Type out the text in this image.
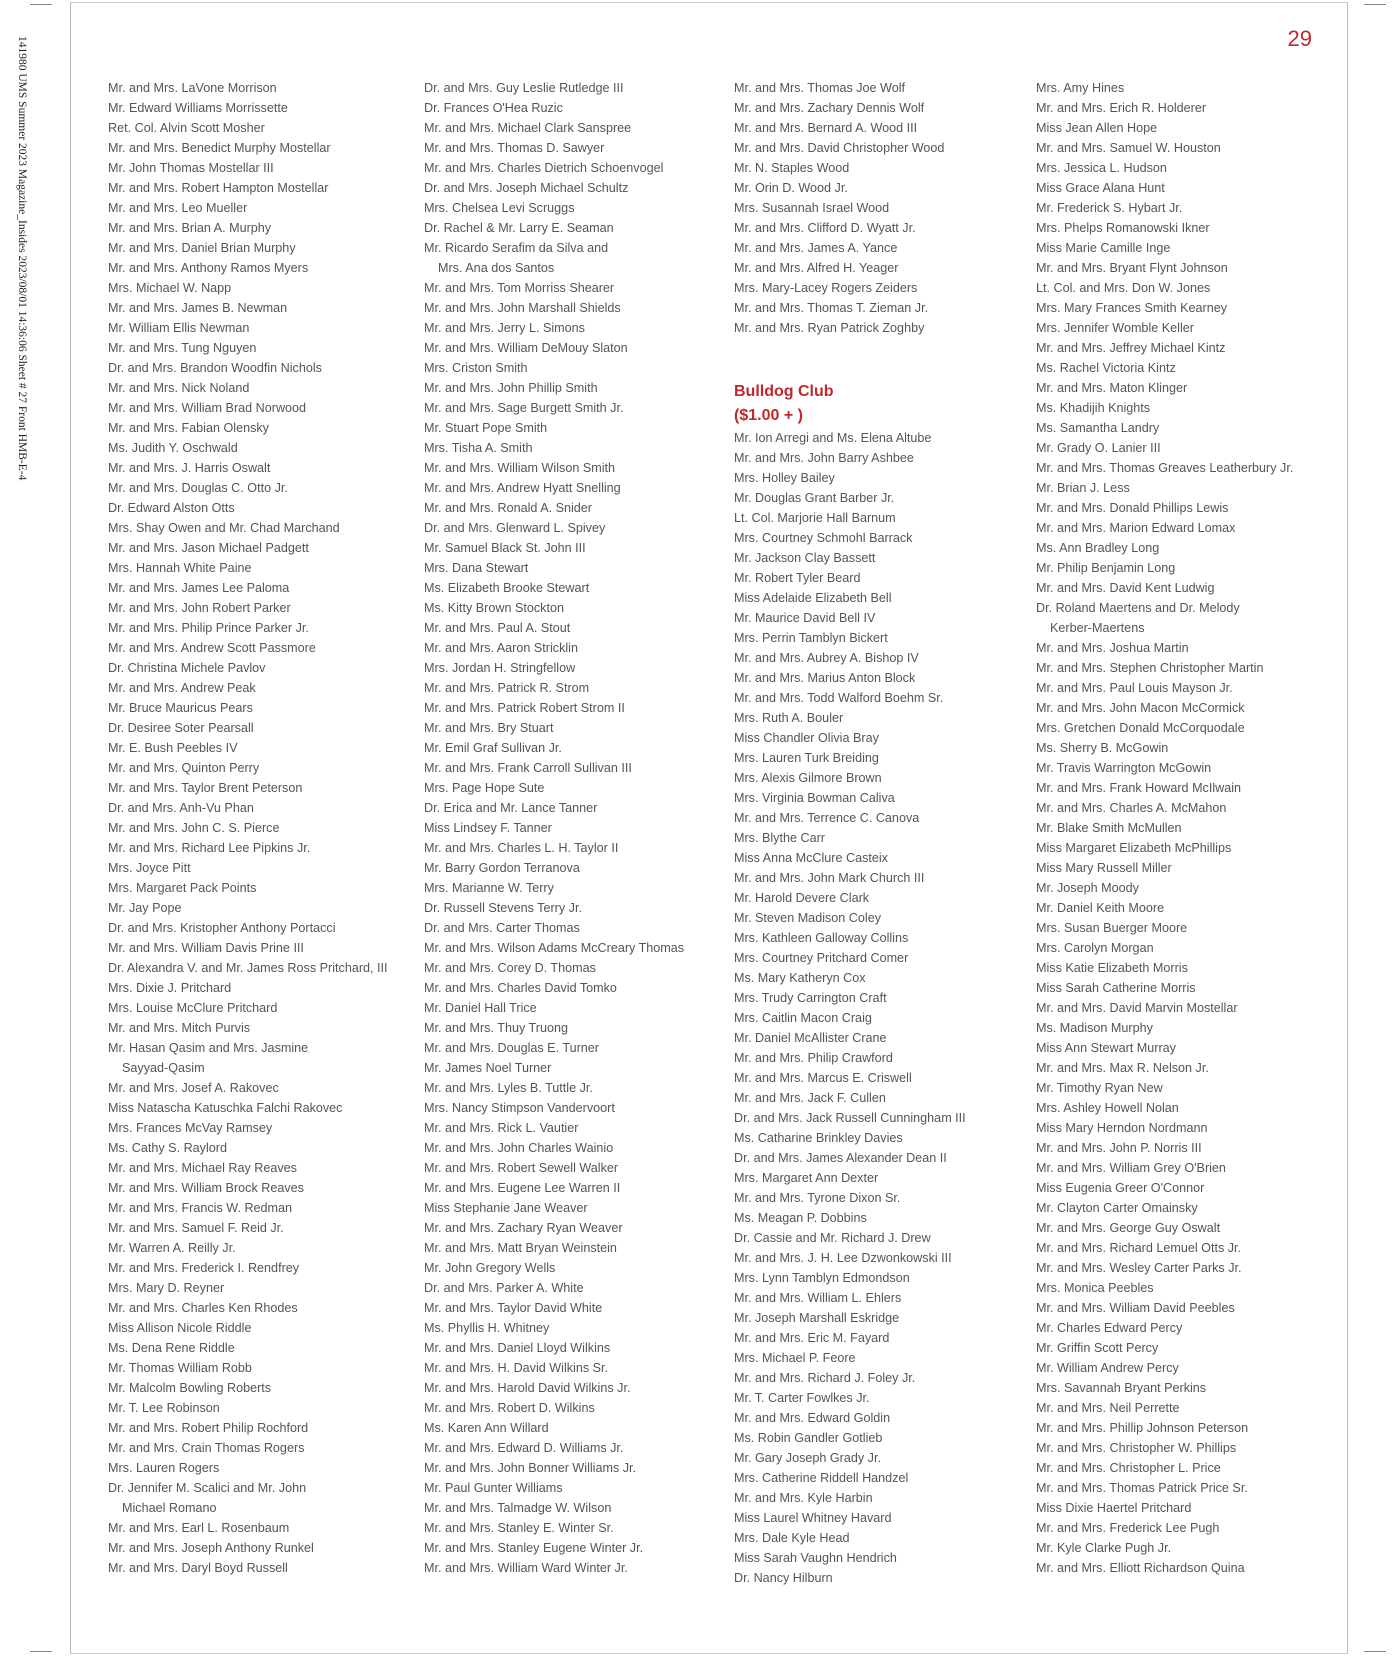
141980 UMS Summer 2023 Magazine_Insides 2023/08/01 14:36:06 Sheet # 27 Front HMB-E-4	29
Mr. and Mrs. LaVone Morrison
Mr. Edward Williams Morrissette
Ret. Col. Alvin Scott Mosher
Mr. and Mrs. Benedict Murphy Mostellar
Mr. John Thomas Mostellar III
Mr. and Mrs. Robert Hampton Mostellar
Mr. and Mrs. Leo Mueller
Mr. and Mrs. Brian A. Murphy
Mr. and Mrs. Daniel Brian Murphy
Mr. and Mrs. Anthony Ramos Myers
Mrs. Michael W. Napp
Mr. and Mrs. James B. Newman
Mr. William Ellis Newman
Mr. and Mrs. Tung Nguyen
Dr. and Mrs. Brandon Woodfin Nichols
Mr. and Mrs. Nick Noland
Mr. and Mrs. William Brad Norwood
Mr. and Mrs. Fabian Olensky
Ms. Judith Y. Oschwald
Mr. and Mrs. J. Harris Oswalt
Mr. and Mrs. Douglas C. Otto Jr.
Dr. Edward Alston Otts
Mrs. Shay Owen and Mr. Chad Marchand
Mr. and Mrs. Jason Michael Padgett
Mrs. Hannah White Paine
Mr. and Mrs. James Lee Paloma
Mr. and Mrs. John Robert Parker
Mr. and Mrs. Philip Prince Parker Jr.
Mr. and Mrs. Andrew Scott Passmore
Dr. Christina Michele Pavlov
Mr. and Mrs. Andrew Peak
Mr. Bruce Mauricus Pears
Dr. Desiree Soter Pearsall
Mr. E. Bush Peebles IV
Mr. and Mrs. Quinton Perry
Mr. and Mrs. Taylor Brent Peterson
Dr. and Mrs. Anh-Vu Phan
Mr. and Mrs. John C. S. Pierce
Mr. and Mrs. Richard Lee Pipkins Jr.
Mrs. Joyce Pitt
Mrs. Margaret Pack Points
Mr. Jay Pope
Dr. and Mrs. Kristopher Anthony Portacci
Mr. and Mrs. William Davis Prine III
Dr. Alexandra V. and Mr. James Ross Pritchard, III
Mrs. Dixie J. Pritchard
Mrs. Louise McClure Pritchard
Mr. and Mrs. Mitch Purvis
Mr. Hasan Qasim and Mrs. Jasmine
Sayyad-Qasim
Mr. and Mrs. Josef A. Rakovec
Miss Natascha Katuschka Falchi Rakovec
Mrs. Frances McVay Ramsey
Ms. Cathy S. Raylord
Mr. and Mrs. Michael Ray Reaves
Mr. and Mrs. William Brock Reaves
Mr. and Mrs. Francis W. Redman
Mr. and Mrs. Samuel F. Reid Jr.
Mr. Warren A. Reilly Jr.
Mr. and Mrs. Frederick I. Rendfrey
Mrs. Mary D. Reyner
Mr. and Mrs. Charles Ken Rhodes
Miss Allison Nicole Riddle
Ms. Dena Rene Riddle
Mr. Thomas William Robb
Mr. Malcolm Bowling Roberts
Mr. T. Lee Robinson
Mr. and Mrs. Robert Philip Rochford
Mr. and Mrs. Crain Thomas Rogers
Mrs. Lauren Rogers
Dr. Jennifer M. Scalici and Mr. John
Michael Romano
Mr. and Mrs. Earl L. Rosenbaum
Mr. and Mrs. Joseph Anthony Runkel
Mr. and Mrs. Daryl Boyd Russell
Dr. and Mrs. Guy Leslie Rutledge III
Dr. Frances O'Hea Ruzic
Mr. and Mrs. Michael Clark Sanspree
Mr. and Mrs. Thomas D. Sawyer
Mr. and Mrs. Charles Dietrich Schoenvogel
Dr. and Mrs. Joseph Michael Schultz
Mrs. Chelsea Levi Scruggs
Dr. Rachel & Mr. Larry E. Seaman
Mr. Ricardo Serafim da Silva and
Mrs. Ana dos Santos
Mr. and Mrs. Tom Morriss Shearer
Mr. and Mrs. John Marshall Shields
Mr. and Mrs. Jerry L. Simons
Mr. and Mrs. William DeMouy Slaton
Mrs. Criston Smith
Mr. and Mrs. John Phillip Smith
Mr. and Mrs. Sage Burgett Smith Jr.
Mr. Stuart Pope Smith
Mrs. Tisha A. Smith
Mr. and Mrs. William Wilson Smith
Mr. and Mrs. Andrew Hyatt Snelling
Mr. and Mrs. Ronald A. Snider
Dr. and Mrs. Glenward L. Spivey
Mr. Samuel Black St. John III
Mrs. Dana Stewart
Ms. Elizabeth Brooke Stewart
Ms. Kitty Brown Stockton
Mr. and Mrs. Paul A. Stout
Mr. and Mrs. Aaron Stricklin
Mrs. Jordan H. Stringfellow
Mr. and Mrs. Patrick R. Strom
Mr. and Mrs. Patrick Robert Strom II
Mr. and Mrs. Bry Stuart
Mr. Emil Graf Sullivan Jr.
Mr. and Mrs. Frank Carroll Sullivan III
Mrs. Page Hope Sute
Dr. Erica and Mr. Lance Tanner
Miss Lindsey F. Tanner
Mr. and Mrs. Charles L. H. Taylor II
Mr. Barry Gordon Terranova
Mrs. Marianne W. Terry
Dr. Russell Stevens Terry Jr.
Dr. and Mrs. Carter Thomas
Mr. and Mrs. Wilson Adams McCreary Thomas
Mr. and Mrs. Corey D. Thomas
Mr. and Mrs. Charles David Tomko
Mr. Daniel Hall Trice
Mr. and Mrs. Thuy Truong
Mr. and Mrs. Douglas E. Turner
Mr. James Noel Turner
Mr. and Mrs. Lyles B. Tuttle Jr.
Mrs. Nancy Stimpson Vandervoort
Mr. and Mrs. Rick L. Vautier
Mr. and Mrs. John Charles Wainio
Mr. and Mrs. Robert Sewell Walker
Mr. and Mrs. Eugene Lee Warren II
Miss Stephanie Jane Weaver
Mr. and Mrs. Zachary Ryan Weaver
Mr. and Mrs. Matt Bryan Weinstein
Mr. John Gregory Wells
Dr. and Mrs. Parker A. White
Mr. and Mrs. Taylor David White
Ms. Phyllis H. Whitney
Mr. and Mrs. Daniel Lloyd Wilkins
Mr. and Mrs. H. David Wilkins Sr.
Mr. and Mrs. Harold David Wilkins Jr.
Mr. and Mrs. Robert D. Wilkins
Ms. Karen Ann Willard
Mr. and Mrs. Edward D. Williams Jr.
Mr. and Mrs. John Bonner Williams Jr.
Mr. Paul Gunter Williams
Mr. and Mrs. Talmadge W. Wilson
Mr. and Mrs. Stanley E. Winter Sr.
Mr. and Mrs. Stanley Eugene Winter Jr.
Mr. and Mrs. William Ward Winter Jr.
Mr. and Mrs. Thomas Joe Wolf
Mr. and Mrs. Zachary Dennis Wolf
Mr. and Mrs. Bernard A. Wood III
Mr. and Mrs. David Christopher Wood
Mr. N. Staples Wood
Mr. Orin D. Wood Jr.
Mrs. Susannah Israel Wood
Mr. and Mrs. Clifford D. Wyatt Jr.
Mr. and Mrs. James A. Yance
Mr. and Mrs. Alfred H. Yeager
Mrs. Mary-Lacey Rogers Zeiders
Mr. and Mrs. Thomas T. Zieman Jr.
Mr. and Mrs. Ryan Patrick Zoghby
Bulldog Club
($1.00 + )
Mr. Ion Arregi and Ms. Elena Altube
Mr. and Mrs. John Barry Ashbee
Mrs. Holley Bailey
Mr. Douglas Grant Barber Jr.
Lt. Col. Marjorie Hall Barnum
Mrs. Courtney Schmohl Barrack
Mr. Jackson Clay Bassett
Mr. Robert Tyler Beard
Miss Adelaide Elizabeth Bell
Mr. Maurice David Bell IV
Mrs. Perrin Tamblyn Bickert
Mr. and Mrs. Aubrey A. Bishop IV
Mr. and Mrs. Marius Anton Block
Mr. and Mrs. Todd Walford Boehm Sr.
Mrs. Ruth A. Bouler
Miss Chandler Olivia Bray
Mrs. Lauren Turk Breiding
Mrs. Alexis Gilmore Brown
Mrs. Virginia Bowman Caliva
Mr. and Mrs. Terrence C. Canova
Mrs. Blythe Carr
Miss Anna McClure Casteix
Mr. and Mrs. John Mark Church III
Mr. Harold Devere Clark
Mr. Steven Madison Coley
Mrs. Kathleen Galloway Collins
Mrs. Courtney Pritchard Comer
Ms. Mary Katheryn Cox
Mrs. Trudy Carrington Craft
Mrs. Caitlin Macon Craig
Mr. Daniel McAllister Crane
Mr. and Mrs. Philip Crawford
Mr. and Mrs. Marcus E. Criswell
Mr. and Mrs. Jack F. Cullen
Dr. and Mrs. Jack Russell Cunningham III
Ms. Catharine Brinkley Davies
Dr. and Mrs. James Alexander Dean II
Mrs. Margaret Ann Dexter
Mr. and Mrs. Tyrone Dixon Sr.
Ms. Meagan P. Dobbins
Dr. Cassie and Mr. Richard J. Drew
Mr. and Mrs. J. H. Lee Dzwonkowski III
Mrs. Lynn Tamblyn Edmondson
Mr. and Mrs. William L. Ehlers
Mr. Joseph Marshall Eskridge
Mr. and Mrs. Eric M. Fayard
Mrs. Michael P. Feore
Mr. and Mrs. Richard J. Foley Jr.
Mr. T. Carter Fowlkes Jr.
Mr. and Mrs. Edward Goldin
Ms. Robin Gandler Gotlieb
Mr. Gary Joseph Grady Jr.
Mrs. Catherine Riddell Handzel
Mr. and Mrs. Kyle Harbin
Miss Laurel Whitney Havard
Mrs. Dale Kyle Head
Miss Sarah Vaughn Hendrich
Dr. Nancy Hilburn
Mrs. Amy Hines
Mr. and Mrs. Erich R. Holderer
Miss Jean Allen Hope
Mr. and Mrs. Samuel W. Houston
Mrs. Jessica L. Hudson
Miss Grace Alana Hunt
Mr. Frederick S. Hybart Jr.
Mrs. Phelps Romanowski Ikner
Miss Marie Camille Inge
Mr. and Mrs. Bryant Flynt Johnson
Lt. Col. and Mrs. Don W. Jones
Mrs. Mary Frances Smith Kearney
Mrs. Jennifer Womble Keller
Mr. and Mrs. Jeffrey Michael Kintz
Ms. Rachel Victoria Kintz
Mr. and Mrs. Maton Klinger
Ms. Khadijih Knights
Ms. Samantha Landry
Mr. Grady O. Lanier III
Mr. and Mrs. Thomas Greaves Leatherbury Jr.
Mr. Brian J. Less
Mr. and Mrs. Donald Phillips Lewis
Mr. and Mrs. Marion Edward Lomax
Ms. Ann Bradley Long
Mr. Philip Benjamin Long
Mr. and Mrs. David Kent Ludwig
Dr. Roland Maertens and Dr. Melody
Kerber-Maertens
Mr. and Mrs. Joshua Martin
Mr. and Mrs. Stephen Christopher Martin
Mr. and Mrs. Paul Louis Mayson Jr.
Mr. and Mrs. John Macon McCormick
Mrs. Gretchen Donald McCorquodale
Ms. Sherry B. McGowin
Mr. Travis Warrington McGowin
Mr. and Mrs. Frank Howard McIlwain
Mr. and Mrs. Charles A. McMahon
Mr. Blake Smith McMullen
Miss Margaret Elizabeth McPhillips
Miss Mary Russell Miller
Mr. Joseph Moody
Mr. Daniel Keith Moore
Mrs. Susan Buerger Moore
Mrs. Carolyn Morgan
Miss Katie Elizabeth Morris
Miss Sarah Catherine Morris
Mr. and Mrs. David Marvin Mostellar
Ms. Madison Murphy
Miss Ann Stewart Murray
Mr. and Mrs. Max R. Nelson Jr.
Mr. Timothy Ryan New
Mrs. Ashley Howell Nolan
Miss Mary Herndon Nordmann
Mr. and Mrs. John P. Norris III
Mr. and Mrs. William Grey O'Brien
Miss Eugenia Greer O'Connor
Mr. Clayton Carter Omainsky
Mr. and Mrs. George Guy Oswalt
Mr. and Mrs. Richard Lemuel Otts Jr.
Mr. and Mrs. Wesley Carter Parks Jr.
Mrs. Monica Peebles
Mr. and Mrs. William David Peebles
Mr. Charles Edward Percy
Mr. Griffin Scott Percy
Mr. William Andrew Percy
Mrs. Savannah Bryant Perkins
Mr. and Mrs. Neil Perrette
Mr. and Mrs. Phillip Johnson Peterson
Mr. and Mrs. Christopher W. Phillips
Mr. and Mrs. Christopher L. Price
Mr. and Mrs. Thomas Patrick Price Sr.
Miss Dixie Haertel Pritchard
Mr. and Mrs. Frederick Lee Pugh
Mr. Kyle Clarke Pugh Jr.
Mr. and Mrs. Elliott Richardson Quina
